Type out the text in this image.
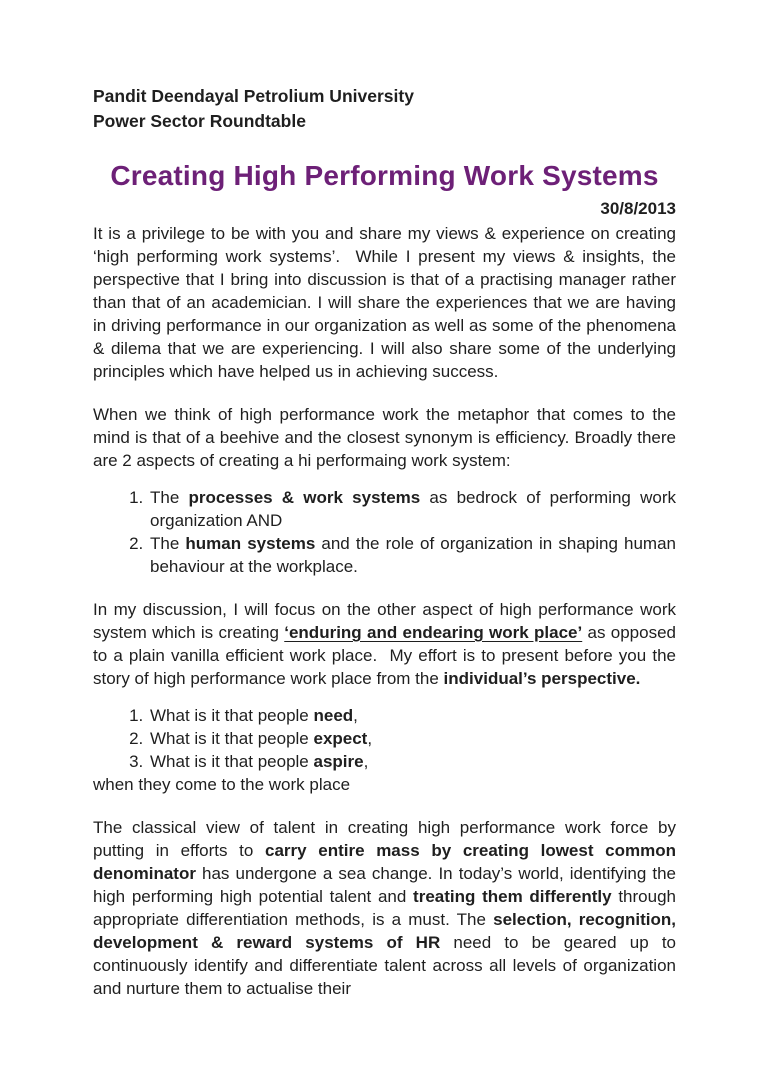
Pandit Deendayal Petrolium University
Power Sector Roundtable
Creating High Performing Work Systems
30/8/2013

It is a privilege to be with you and share my views & experience on creating ‘high performing work systems’.  While I present my views & insights, the perspective that I bring into discussion is that of a practising manager rather than that of an academician. I will share the experiences that we are having in driving performance in our organization as well as some of the phenomena & dilema that we are experiencing. I will also share some of the underlying principles which have helped us in achieving success.

When we think of high performance work the metaphor that comes to the mind is that of a beehive and the closest synonym is efficiency. Broadly there are 2 aspects of creating a hi performaing work system:

1. The processes & work systems as bedrock of performing work organization AND
2. The human systems and the role of organization in shaping human behaviour at the workplace.

In my discussion, I will focus on the other aspect of high performance work system which is creating ‘enduring and endearing work place’ as opposed to a plain vanilla efficient work place.  My effort is to present before you the story of high performance work place from the individual’s perspective.

1. What is it that people need,
2. What is it that people expect,
3. What is it that people aspire,

when they come to the work place

The classical view of talent in creating high performance work force by putting in efforts to carry entire mass by creating lowest common denominator has undergone a sea change. In today’s world, identifying the high performing high potential talent and treating them differently through appropriate differentiation methods, is a must. The selection, recognition, development & reward systems of HR need to be geared up to continuously identify and differentiate talent across all levels of organization and nurture them to actualise their
